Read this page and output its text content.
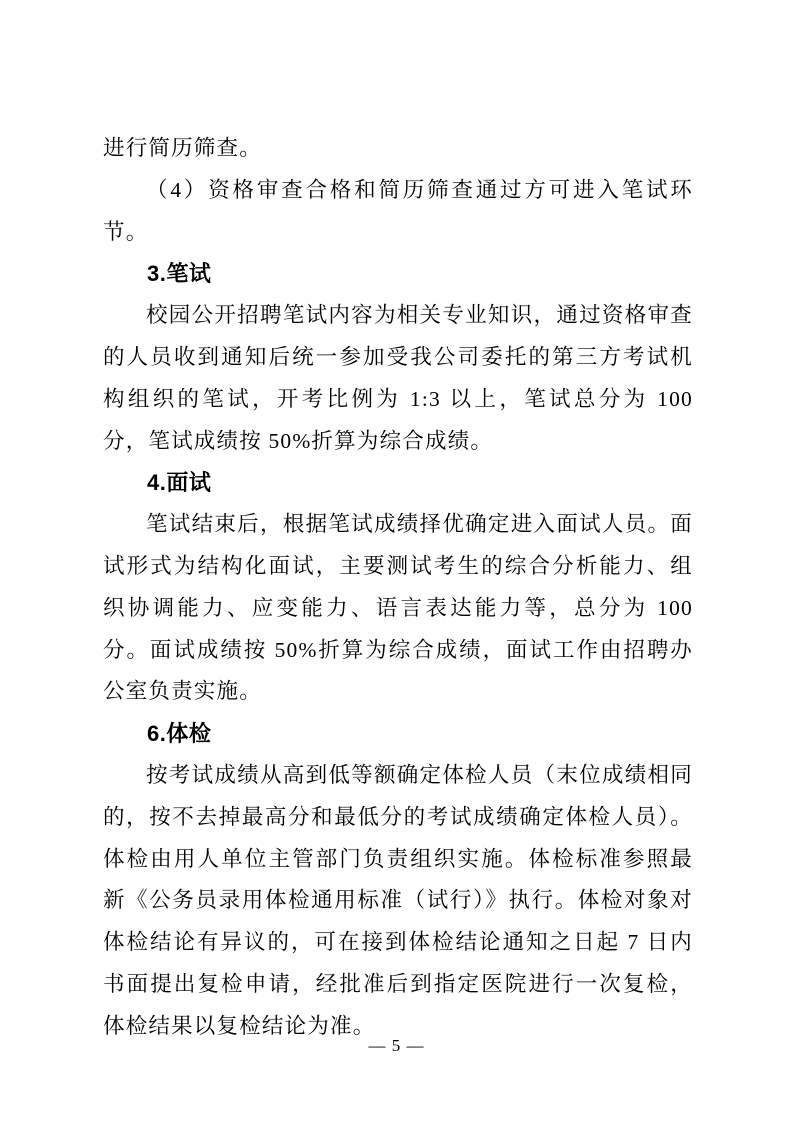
进行简历筛查。

（4）资格审查合格和简历筛查通过方可进入笔试环节。

3.笔试

校园公开招聘笔试内容为相关专业知识，通过资格审查的人员收到通知后统一参加受我公司委托的第三方考试机构组织的笔试，开考比例为 1:3 以上，笔试总分为 100 分，笔试成绩按 50%折算为综合成绩。

4.面试

笔试结束后，根据笔试成绩择优确定进入面试人员。面试形式为结构化面试，主要测试考生的综合分析能力、组织协调能力、应变能力、语言表达能力等，总分为 100 分。面试成绩按 50%折算为综合成绩，面试工作由招聘办公室负责实施。

6.体检

按考试成绩从高到低等额确定体检人员（末位成绩相同的，按不去掉最高分和最低分的考试成绩确定体检人员）。体检由用人单位主管部门负责组织实施。体检标准参照最新《公务员录用体检通用标准（试行）》执行。体检对象对体检结论有异议的，可在接到体检结论通知之日起 7 日内书面提出复检申请，经批准后到指定医院进行一次复检，体检结果以复检结论为准。

— 5 —
